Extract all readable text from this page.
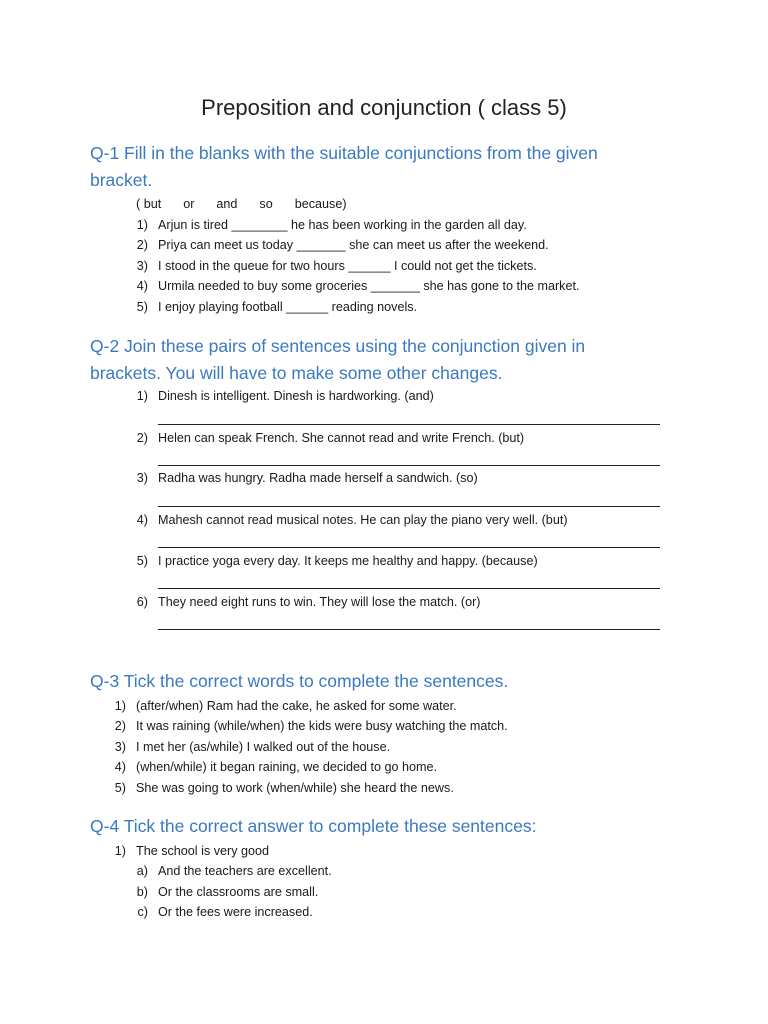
Preposition and conjunction ( class 5)
Q-1 Fill in the blanks with the suitable conjunctions from the given bracket.
( but or and so because)
1) Arjun is tired ________ he has been working in the garden all day.
2) Priya can meet us today _______ she can meet us after the weekend.
3) I stood in the queue for two hours ______ I could not get the tickets.
4) Urmila needed to buy some groceries _______ she has gone to the market.
5) I enjoy playing football ______ reading novels.
Q-2 Join these pairs of sentences using the conjunction given in brackets. You will have to make some other changes.
1) Dinesh is intelligent. Dinesh is hardworking. (and)
2) Helen can speak French. She cannot read and write French. (but)
3) Radha was hungry. Radha made herself a sandwich. (so)
4) Mahesh cannot read musical notes. He can play the piano very well. (but)
5) I practice yoga every day. It keeps me healthy and happy. (because)
6) They need eight runs to win. They will lose the match. (or)
Q-3 Tick the correct words to complete the sentences.
1) (after/when) Ram had the cake, he asked for some water.
2) It was raining (while/when) the kids were busy watching the match.
3) I met her (as/while) I walked out of the house.
4) (when/while) it began raining, we decided to go home.
5) She was going to work (when/while) she heard the news.
Q-4 Tick the correct answer to complete these sentences:
1) The school is very good
a) And the teachers are excellent.
b) Or the classrooms are small.
c) Or the fees were increased.
